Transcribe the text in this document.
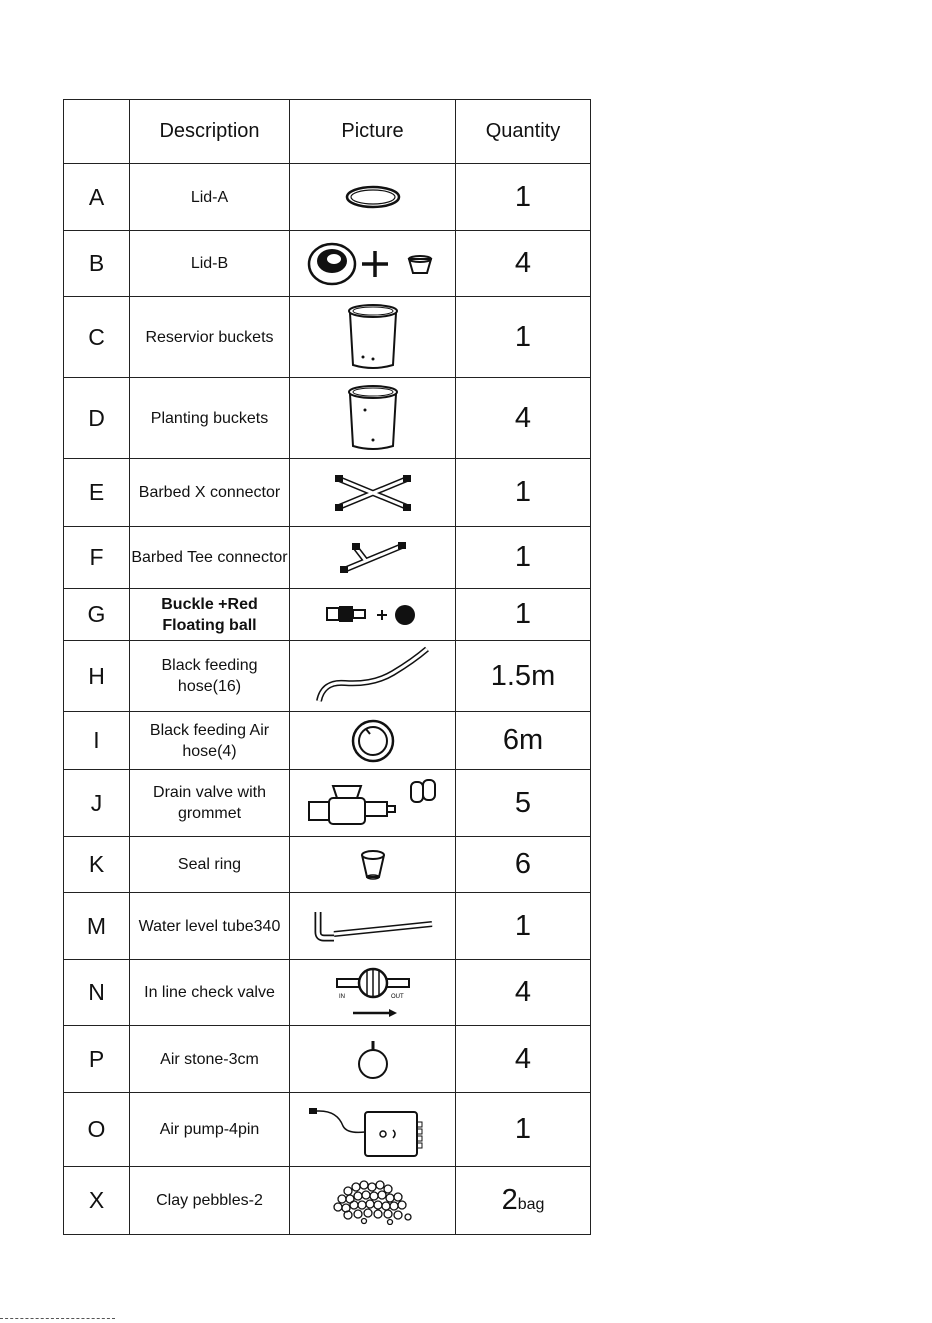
	Description	Picture	Quantity
A	Lid-A		1
B	Lid-B		4
C	Reservior buckets		1
D	Planting buckets		4
E	Barbed X connector		1
F	Barbed Tee connector		1
G	Buckle +Red Floating ball		1
H	Black feeding hose(16)		1.5m
I	Black feeding Air hose(4)		6m
J	Drain valve with grommet		5
K	Seal ring		6
M	Water level tube340		1
N	In line check valve	IN OUT	4
P	Air stone-3cm		4
O	Air pump-4pin		1
X	Clay pebbles-2		2bag
